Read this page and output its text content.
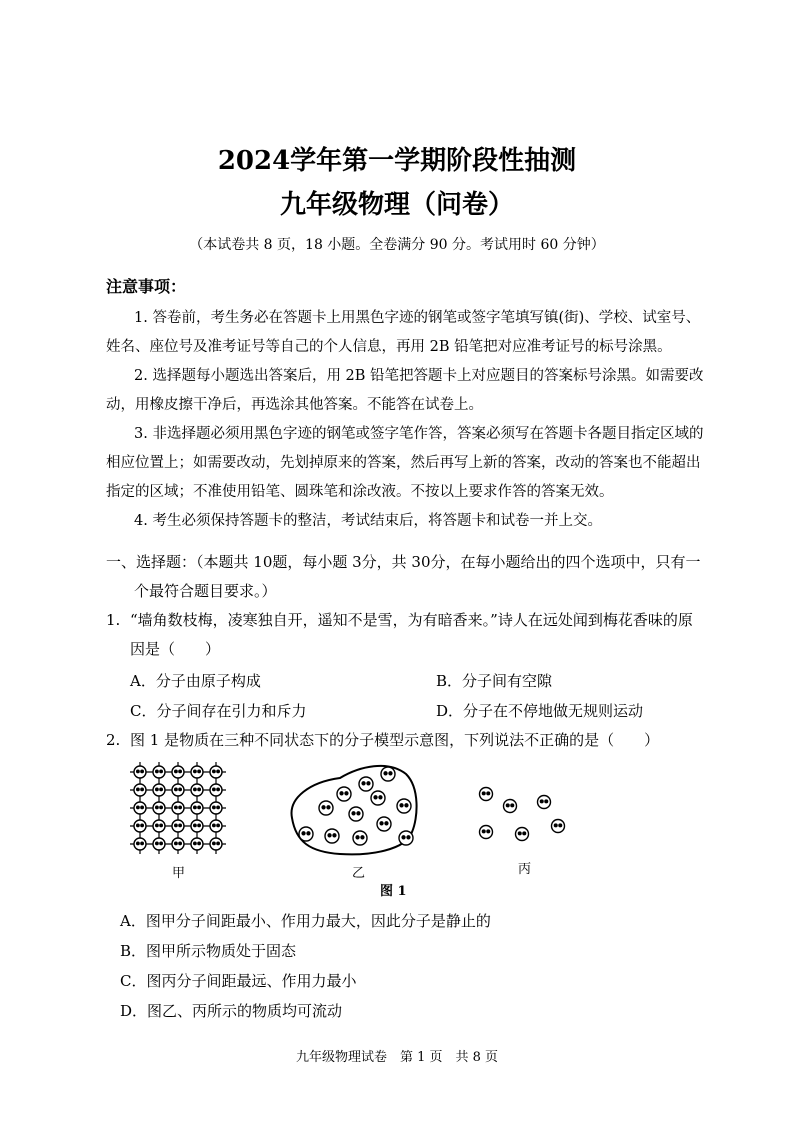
2024学年第一学期阶段性抽测
九年级物理（问卷）
（本试卷共 8 页，18 小题。全卷满分 90 分。考试用时 60 分钟）
注意事项：

1. 答卷前，考生务必在答题卡上用黑色字迹的钢笔或签字笔填写镇(街)、学校、试室号、姓名、座位号及准考证号等自己的个人信息，再用 2B 铅笔把对应准考证号的标号涂黑。

2. 选择题每小题选出答案后，用 2B 铅笔把答题卡上对应题目的答案标号涂黑。如需要改动，用橡皮擦干净后，再选涂其他答案。不能答在试卷上。

3. 非选择题必须用黑色字迹的钢笔或签字笔作答，答案必须写在答题卡各题目指定区域的相应位置上；如需要改动，先划掉原来的答案，然后再写上新的答案，改动的答案也不能超出指定的区域；不准使用铅笔、圆珠笔和涂改液。不按以上要求作答的答案无效。

4. 考生必须保持答题卡的整洁，考试结束后，将答题卡和试卷一并上交。

一、选择题：（本题共 10题，每小题 3分，共 30分，在每小题给出的四个选项中，只有一个最符合题目要求。）
1. “墙角数枝梅，凌寒独自开，遥知不是雪，为有暗香来。”诗人在远处闻到梅花香味的原
因是（　　）
A．分子由原子构成	B．分子间有空隙
C．分子间存在引力和斥力	D．分子在不停地做无规则运动
2. 图 1 是物质在三种不同状态下的分子模型示意图，下列说法不正确的是（　　）
甲	乙	丙
图 1
A．图甲分子间距最小、作用力最大，因此分子是静止的
B．图甲所示物质处于固态
C．图丙分子间距最远、作用力最小
D．图乙、丙所示的物质均可流动
九年级物理试卷　第 1 页　共 8 页
